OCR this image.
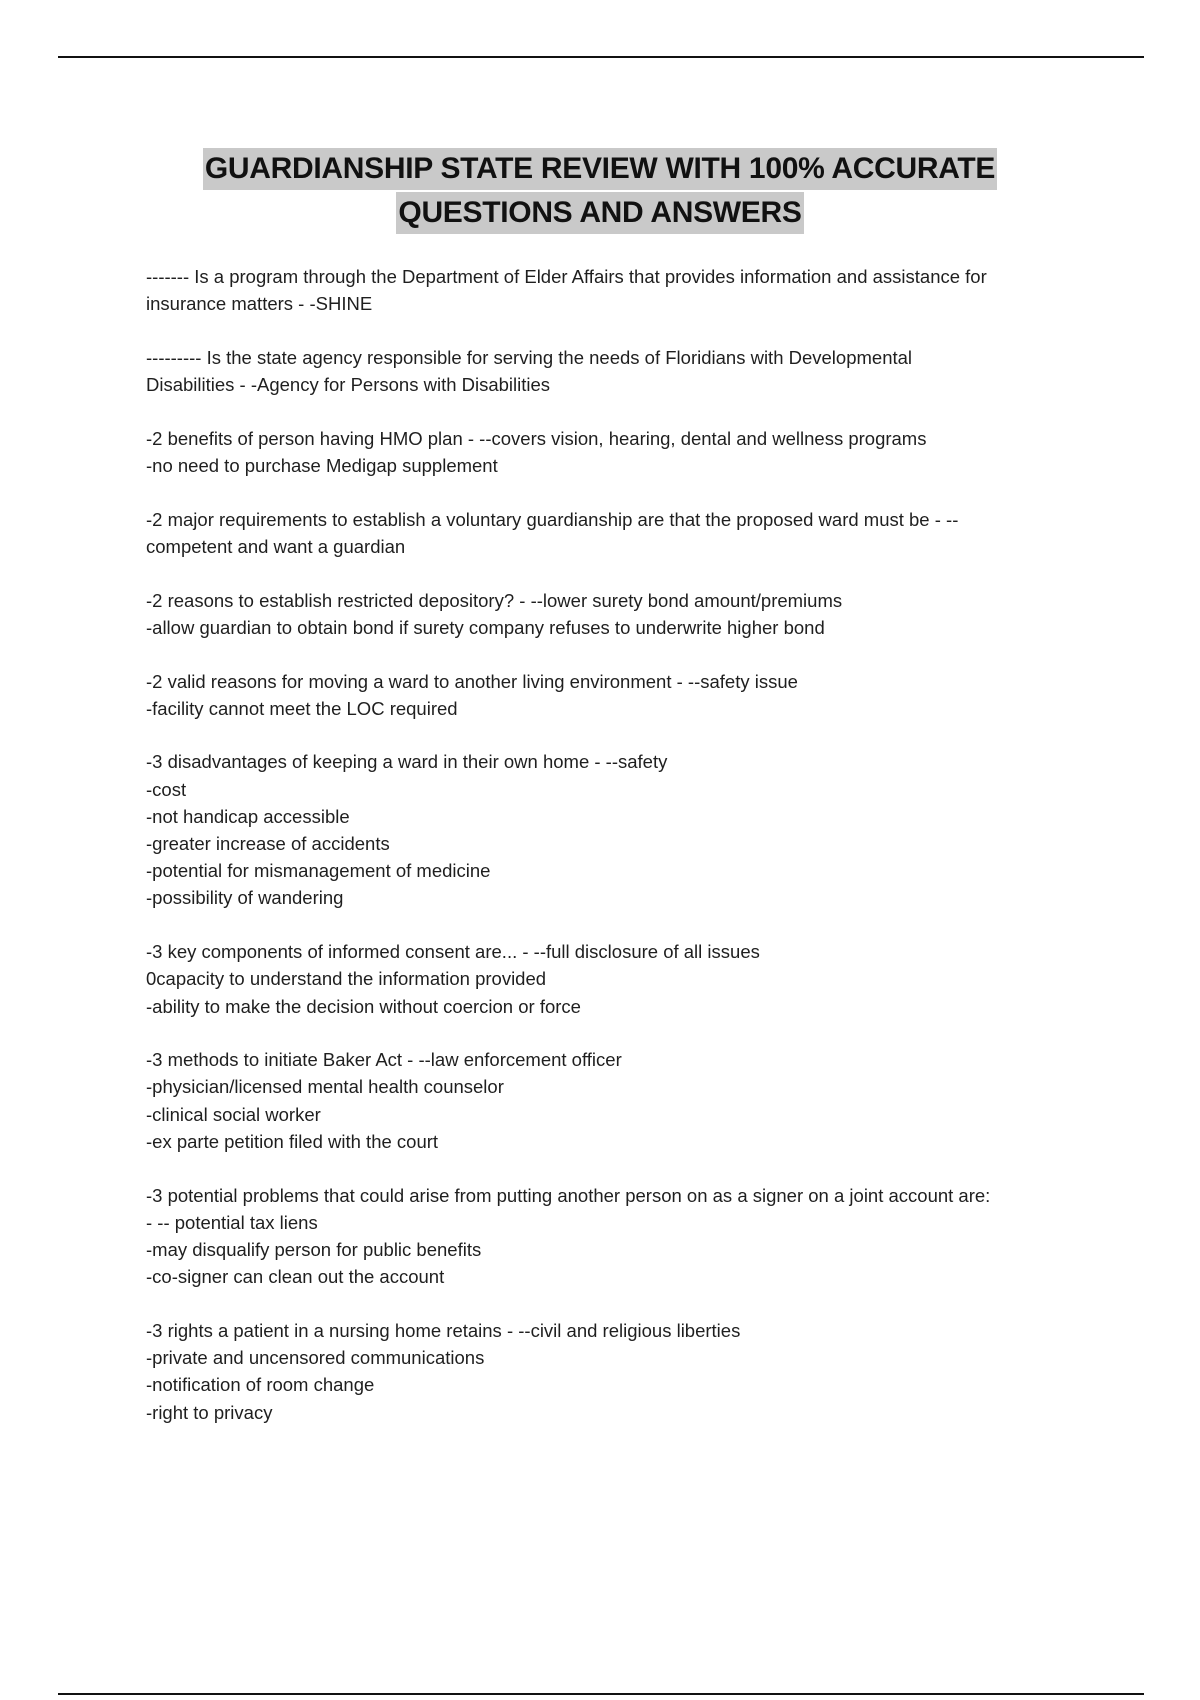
GUARDIANSHIP STATE REVIEW WITH 100% ACCURATE
QUESTIONS AND ANSWERS
------- Is a program through the Department of Elder Affairs that provides information and assistance for
insurance matters - -SHINE
--------- Is the state agency responsible for serving the needs of Floridians with Developmental
Disabilities - -Agency for Persons with Disabilities
-2 benefits of person having HMO plan - --covers vision, hearing, dental and wellness programs
-no need to purchase Medigap supplement
-2 major requirements to establish a voluntary guardianship are that the proposed ward must be - --
competent and want a guardian
-2 reasons to establish restricted depository? - --lower surety bond amount/premiums
-allow guardian to obtain bond if surety company refuses to underwrite higher bond
-2 valid reasons for moving a ward to another living environment - --safety issue
-facility cannot meet the LOC required
-3 disadvantages of keeping a ward in their own home - --safety
-cost
-not handicap accessible
-greater increase of accidents
-potential for mismanagement of medicine
-possibility of wandering
-3 key components of informed consent are... - --full disclosure of all issues
0capacity to understand the information provided
-ability to make the decision without coercion or force
-3 methods to initiate Baker Act - --law enforcement officer
-physician/licensed mental health counselor
-clinical social worker
-ex parte petition filed with the court
-3 potential problems that could arise from putting another person on as a signer on a joint account are:
- -- potential tax liens
-may disqualify person for public benefits
-co-signer can clean out the account
-3 rights a patient in a nursing home retains - --civil and religious liberties
-private and uncensored communications
-notification of room change
-right to privacy
